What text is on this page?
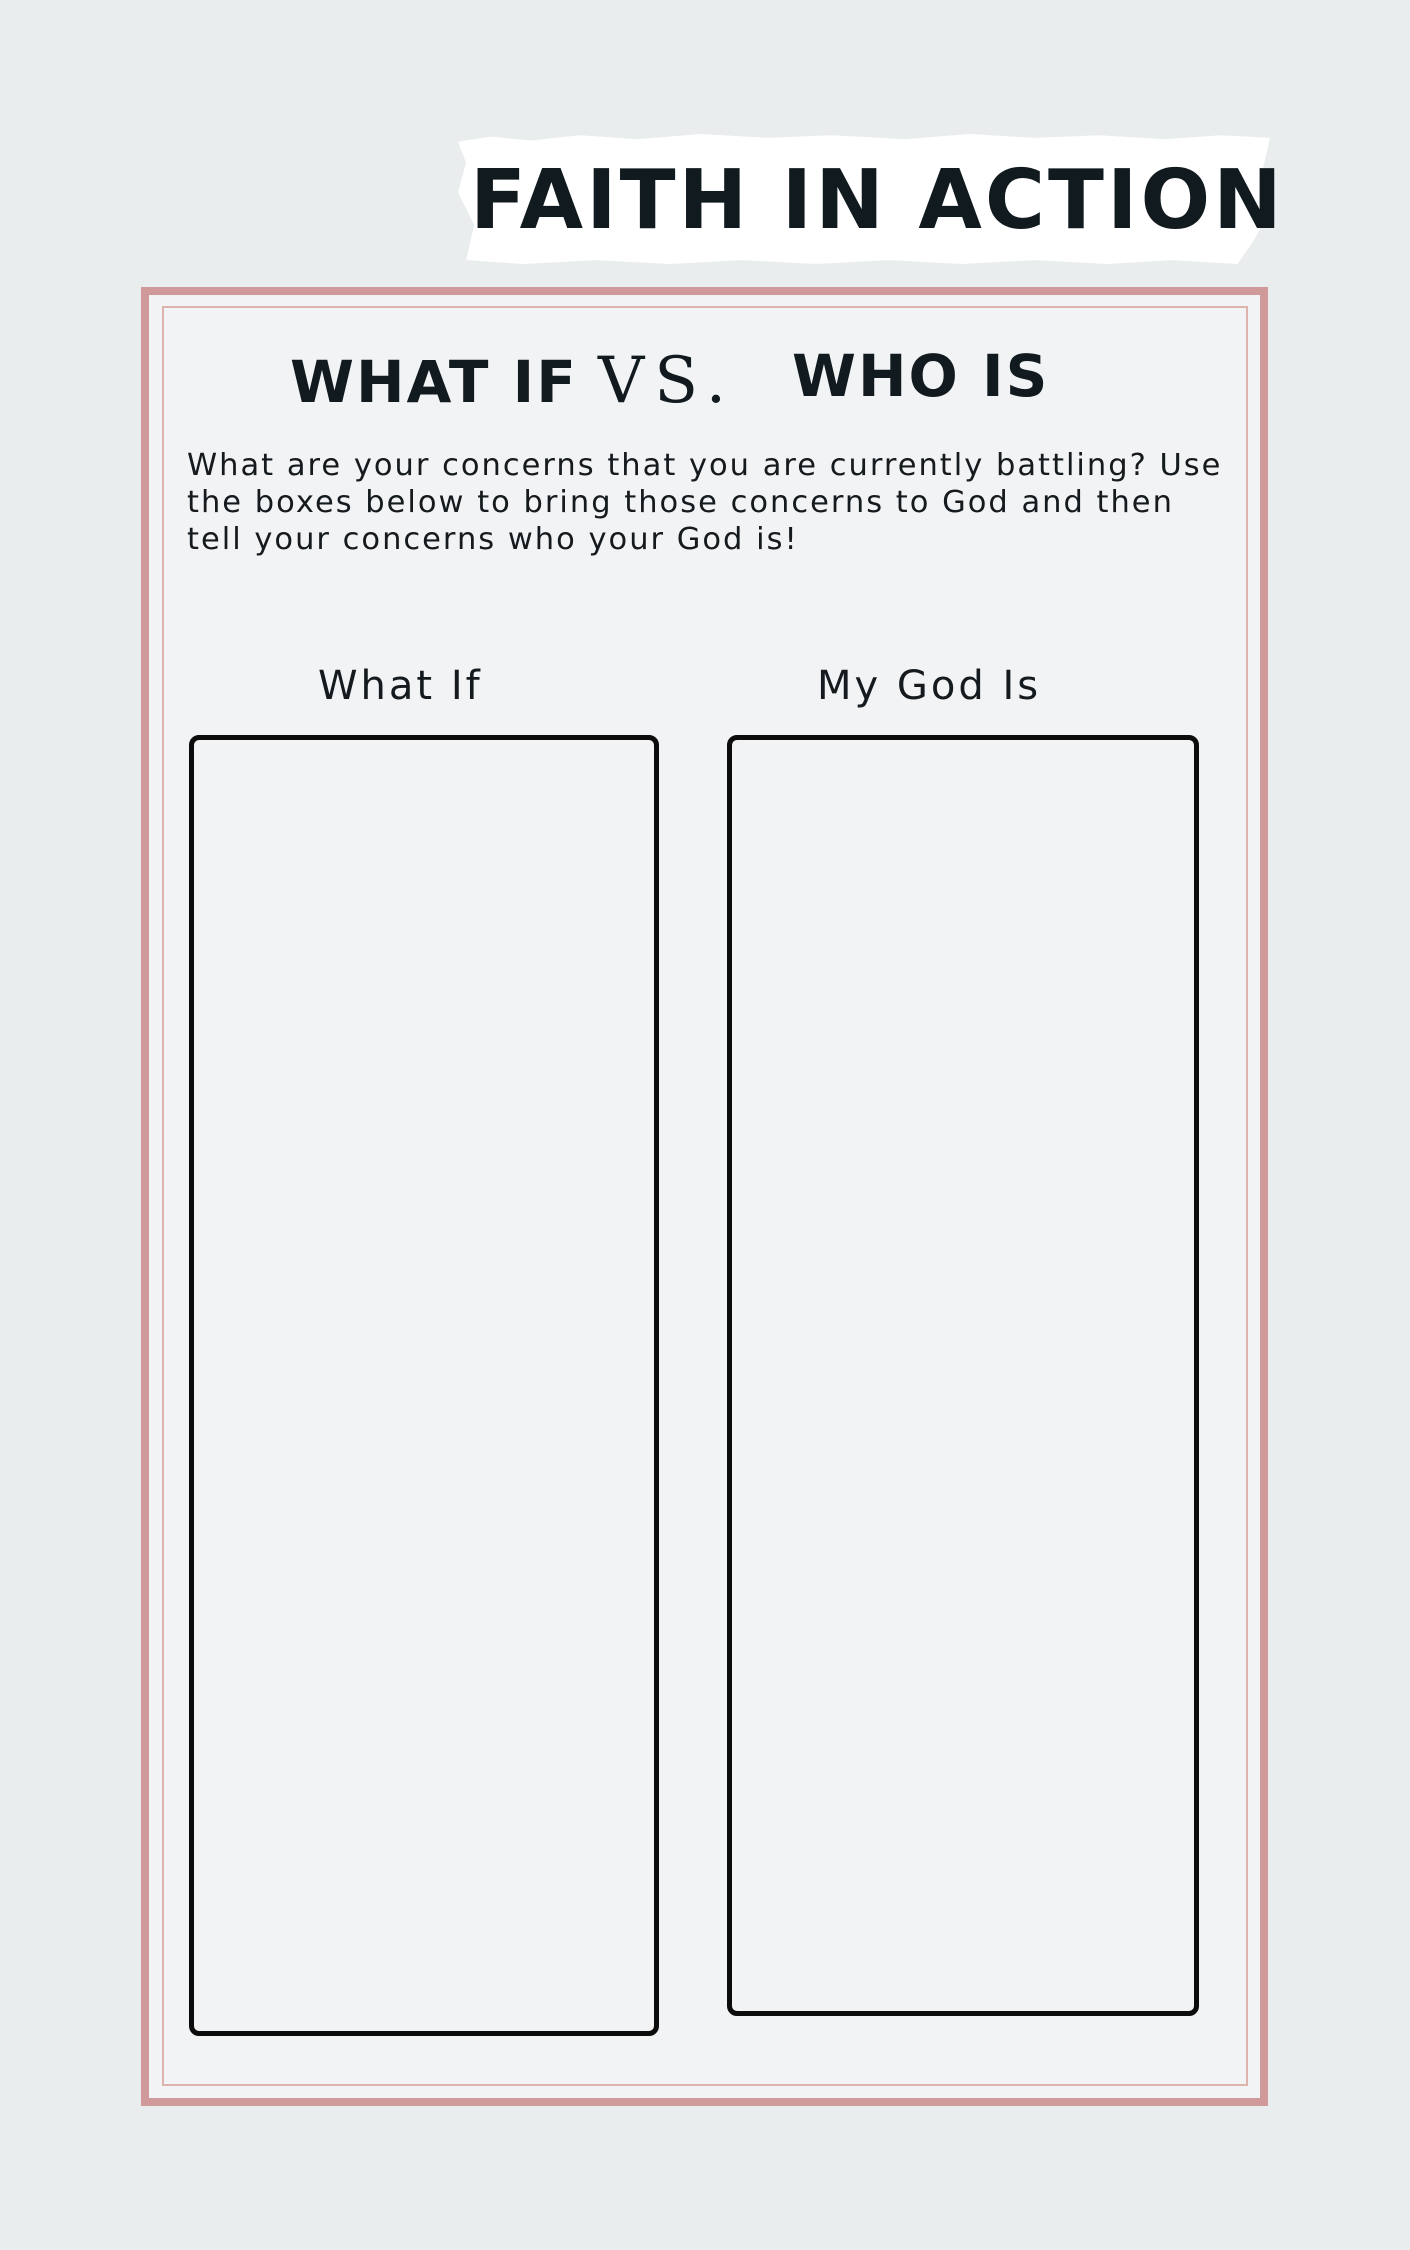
FAITH IN ACTION
WHAT IF VS. WHO IS
What are your concerns that you are currently battling? Use
the boxes below to bring those concerns to God and then
tell your concerns who your God is!
What If	My God Is
